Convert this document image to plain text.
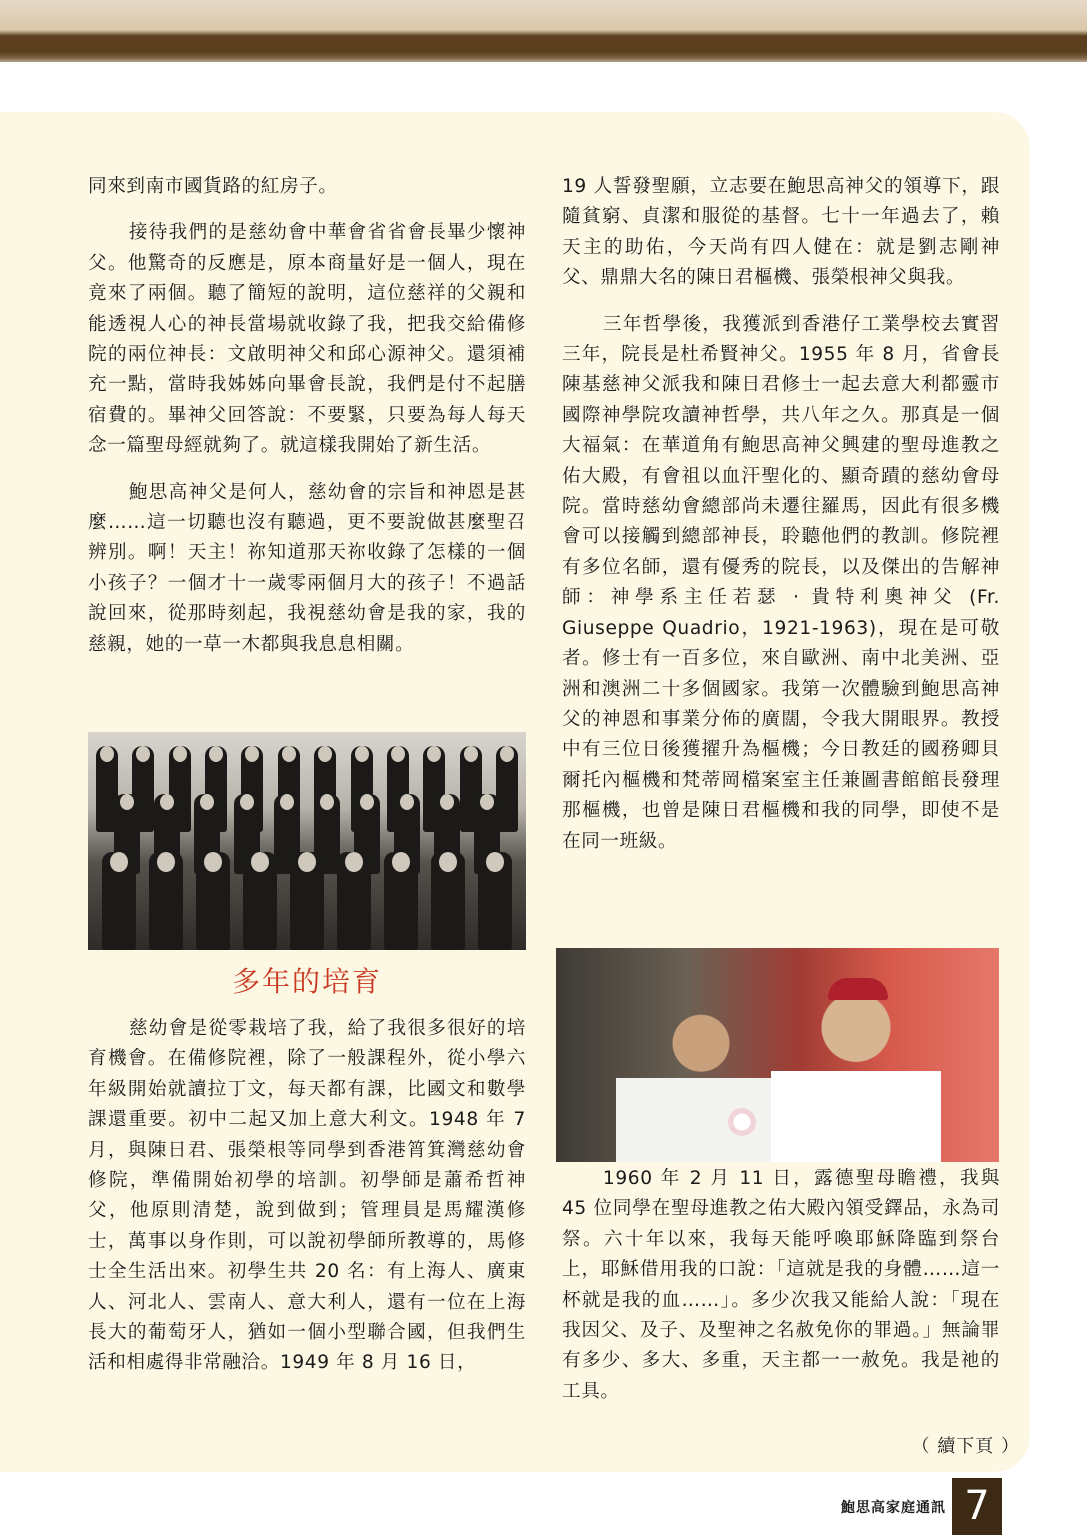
同來到南市國貨路的紅房子。

接待我們的是慈幼會中華會省省會長畢少懷神父。他驚奇的反應是，原本商量好是一個人，現在竟來了兩個。聽了簡短的說明，這位慈祥的父親和能透視人心的神長當場就收錄了我，把我交給備修院的兩位神長：文啟明神父和邱心源神父。還須補充一點，當時我姊姊向畢會長說，我們是付不起膳宿費的。畢神父回答說：不要緊，只要為每人每天念一篇聖母經就夠了。就這樣我開始了新生活。

鮑思高神父是何人，慈幼會的宗旨和神恩是甚麼……這一切聽也沒有聽過，更不要說做甚麼聖召辨別。啊！天主！祢知道那天祢收錄了怎樣的一個小孩子？一個才十一歲零兩個月大的孩子！不過話說回來，從那時刻起，我視慈幼會是我的家，我的慈親，她的一草一木都與我息息相關。

多年的培育

慈幼會是從零栽培了我，給了我很多很好的培育機會。在備修院裡，除了一般課程外，從小學六年級開始就讀拉丁文，每天都有課，比國文和數學課還重要。初中二起又加上意大利文。1948 年 7 月，與陳日君、張榮根等同學到香港筲箕灣慈幼會修院，準備開始初學的培訓。初學師是蕭希哲神父，他原則清楚，說到做到；管理員是馬耀漢修士，萬事以身作則，可以說初學師所教導的，馬修士全生活出來。初學生共 20 名：有上海人、廣東人、河北人、雲南人、意大利人，還有一位在上海長大的葡萄牙人，猶如一個小型聯合國，但我們生活和相處得非常融洽。1949 年 8 月 16 日，

19 人誓發聖願，立志要在鮑思高神父的領導下，跟隨貧窮、貞潔和服從的基督。七十一年過去了，賴天主的助佑，今天尚有四人健在：就是劉志剛神父、鼎鼎大名的陳日君樞機、張榮根神父與我。

三年哲學後，我獲派到香港仔工業學校去實習三年，院長是杜希賢神父。1955 年 8 月，省會長陳基慈神父派我和陳日君修士一起去意大利都靈市國際神學院攻讀神哲學，共八年之久。那真是一個大福氣：在華道角有鮑思高神父興建的聖母進教之佑大殿，有會祖以血汗聖化的、顯奇蹟的慈幼會母院。當時慈幼會總部尚未遷往羅馬，因此有很多機會可以接觸到總部神長，聆聽他們的教訓。修院裡有多位名師，還有優秀的院長，以及傑出的告解神師：神學系主任若瑟 ‧ 貴特利奧神父 (Fr. Giuseppe Quadrio，1921-1963)，現在是可敬者。修士有一百多位，來自歐洲、南中北美洲、亞洲和澳洲二十多個國家。我第一次體驗到鮑思高神父的神恩和事業分佈的廣闊，令我大開眼界。教授中有三位日後獲擢升為樞機；今日教廷的國務卿貝爾托內樞機和梵蒂岡檔案室主任兼圖書館館長發理那樞機，也曾是陳日君樞機和我的同學，即使不是在同一班級。

1960 年 2 月 11 日，露德聖母瞻禮，我與 45 位同學在聖母進教之佑大殿內領受鐸品，永為司祭。六十年以來，我每天能呼喚耶穌降臨到祭台上，耶穌借用我的口說：「這就是我的身體……這一杯就是我的血……」。多少次我又能給人說：「現在我因父、及子、及聖神之名赦免你的罪過。」無論罪有多少、多大、多重，天主都一一赦免。我是祂的工具。

（ 續下頁 ）
鮑思高家庭通訊 7
